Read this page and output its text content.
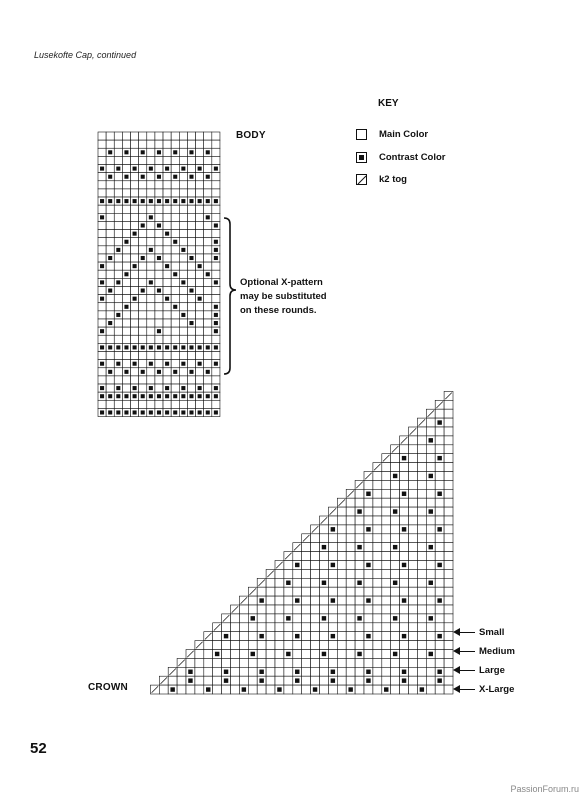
Lusekofte Cap, continued
BODY
KEY
Main Color
Contrast Color
k2 tog
Optional X-pattern
may be substituted
on these rounds.
CROWN
Small
Medium
Large
X-Large
52
PassionForum.ru
